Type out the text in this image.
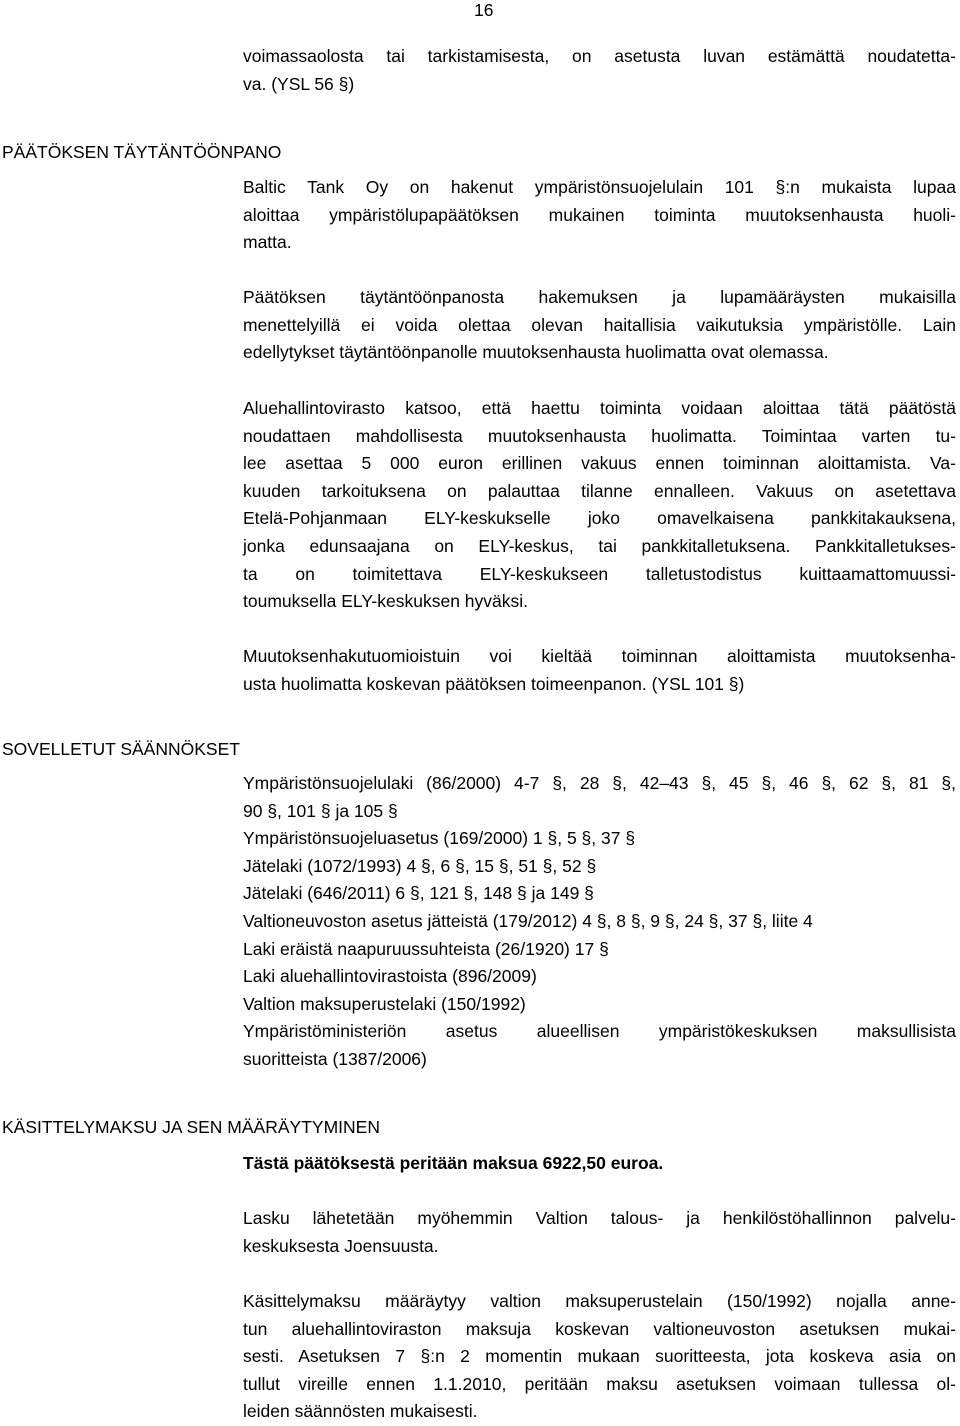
16
voimassaolosta tai tarkistamisesta, on asetusta luvan estämättä noudatetta-
va. (YSL 56 §)
PÄÄTÖKSEN TÄYTÄNTÖÖNPANO
Baltic Tank Oy on hakenut ympäristönsuojelulain 101 §:n mukaista lupaa
aloittaa ympäristölupapäätöksen mukainen toiminta muutoksenhausta huoli-
matta.
Päätöksen täytäntöönpanosta hakemuksen ja lupamääräysten mukaisilla
menettelyillä ei voida olettaa olevan haitallisia vaikutuksia ympäristölle. Lain
edellytykset täytäntöönpanolle muutoksenhausta huolimatta ovat olemassa.
Aluehallintovirasto katsoo, että haettu toiminta voidaan aloittaa tätä päätöstä
noudattaen mahdollisesta muutoksenhausta huolimatta. Toimintaa varten tu-
lee asettaa 5 000 euron erillinen vakuus ennen toiminnan aloittamista. Va-
kuuden tarkoituksena on palauttaa tilanne ennalleen. Vakuus on asetettava
Etelä-Pohjanmaan ELY-keskukselle joko omavelkaisena pankkitakauksena,
jonka edunsaajana on ELY-keskus, tai pankkitalletuksena. Pankkitalletukses-
ta on toimitettava ELY-keskukseen talletustodistus kuittaamattomuussi-
toumuksella ELY-keskuksen hyväksi.
Muutoksenhakutuomioistuin voi kieltää toiminnan aloittamista muutoksenha-
usta huolimatta koskevan päätöksen toimeenpanon. (YSL 101 §)
SOVELLETUT SÄÄNNÖKSET
Ympäristönsuojelulaki (86/2000) 4-7 §, 28 §, 42–43 §, 45 §, 46 §, 62 §, 81 §,
90 §, 101 § ja 105 §
Ympäristönsuojeluasetus (169/2000) 1 §, 5 §, 37 §
Jätelaki (1072/1993) 4 §, 6 §, 15 §, 51 §, 52 §
Jätelaki (646/2011) 6 §, 121 §, 148 § ja 149 §
Valtioneuvoston asetus jätteistä (179/2012) 4 §, 8 §, 9 §, 24 §, 37 §, liite 4
Laki eräistä naapuruussuhteista (26/1920) 17 §
Laki aluehallintovirastoista (896/2009)
Valtion maksuperustelaki (150/1992)
Ympäristöministeriön asetus alueellisen ympäristökeskuksen maksullisista
suoritteista (1387/2006)
KÄSITTELYMAKSU JA SEN MÄÄRÄYTYMINEN
Tästä päätöksestä peritään maksua 6922,50 euroa.
Lasku lähetetään myöhemmin Valtion talous- ja henkilöstöhallinnon palvelu-
keskuksesta Joensuusta.
Käsittelymaksu määräytyy valtion maksuperustelain (150/1992) nojalla anne-
tun aluehallintoviraston maksuja koskevan valtioneuvoston asetuksen mukai-
sesti. Asetuksen 7 §:n 2 momentin mukaan suoritteesta, jota koskeva asia on
tullut vireille ennen 1.1.2010, peritään maksu asetuksen voimaan tullessa ol-
leiden säännösten mukaisesti.
